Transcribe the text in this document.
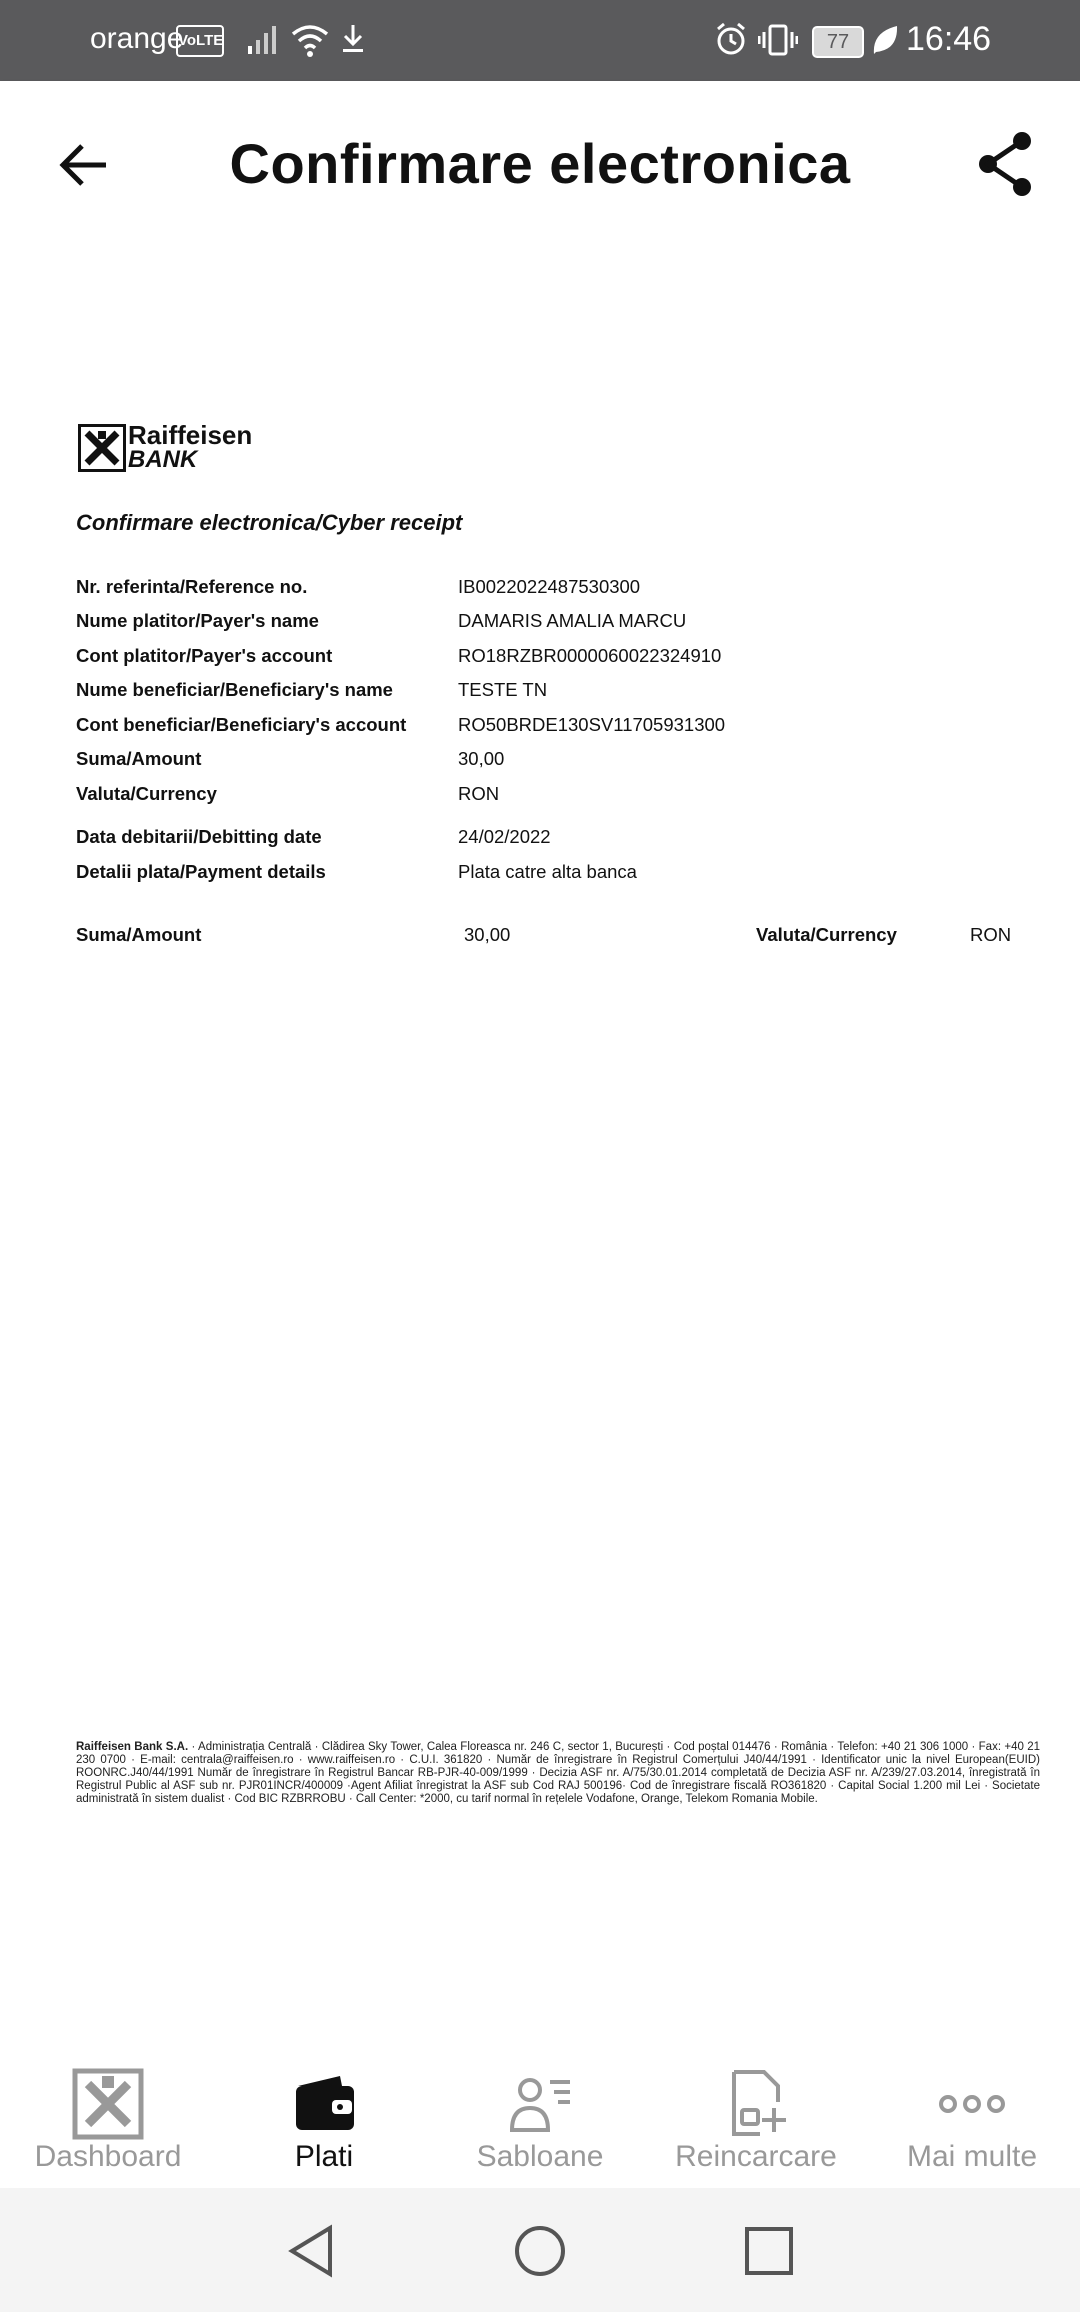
orange
VoLTE	77	16:46
Confirmare electronica
Raiffeisen
BANK
Confirmare electronica/Cyber receipt
Nr. referinta/Reference no.	IB0022022487530300
Nume platitor/Payer's name	DAMARIS AMALIA MARCU
Cont platitor/Payer's account	RO18RZBR0000060022324910
Nume beneficiar/Beneficiary's name	TESTE TN
Cont beneficiar/Beneficiary's account	RO50BRDE130SV11705931300
Suma/Amount	30,00
Valuta/Currency	RON
Data debitarii/Debitting date	24/02/2022
Detalii plata/Payment details	Plata catre alta banca
Suma/Amount	30,00	Valuta/Currency	RON
Raiffeisen Bank S.A. · Administrația Centrală · Clădirea Sky Tower, Calea Floreasca nr. 246 C, sector 1, București · Cod poștal 014476 · România · Telefon: +40 21 306 1000 · Fax: +40 21 230 0700 · E-mail: centrala@raiffeisen.ro · www.raiffeisen.ro · C.U.I. 361820 · Număr de înregistrare în Registrul Comerțului J40/44/1991 · Identificator unic la nivel European(EUID) ROONRC.J40/44/1991 Număr de înregistrare în Registrul Bancar RB-PJR-40-009/1999 · Decizia ASF nr. A/75/30.01.2014 completată de Decizia ASF nr. A/239/27.03.2014, înregistrată în Registrul Public al ASF sub nr. PJR01INCR/400009 ·Agent Afiliat înregistrat la ASF sub Cod RAJ 500196· Cod de înregistrare fiscală RO361820 · Capital Social 1.200 mil Lei · Societate administrată în sistem dualist · Cod BIC RZBRROBU · Call Center: *2000, cu tarif normal în rețelele Vodafone, Orange, Telekom Romania Mobile.
Dashboard	Plati	Sabloane	Reincarcare	Mai multe
